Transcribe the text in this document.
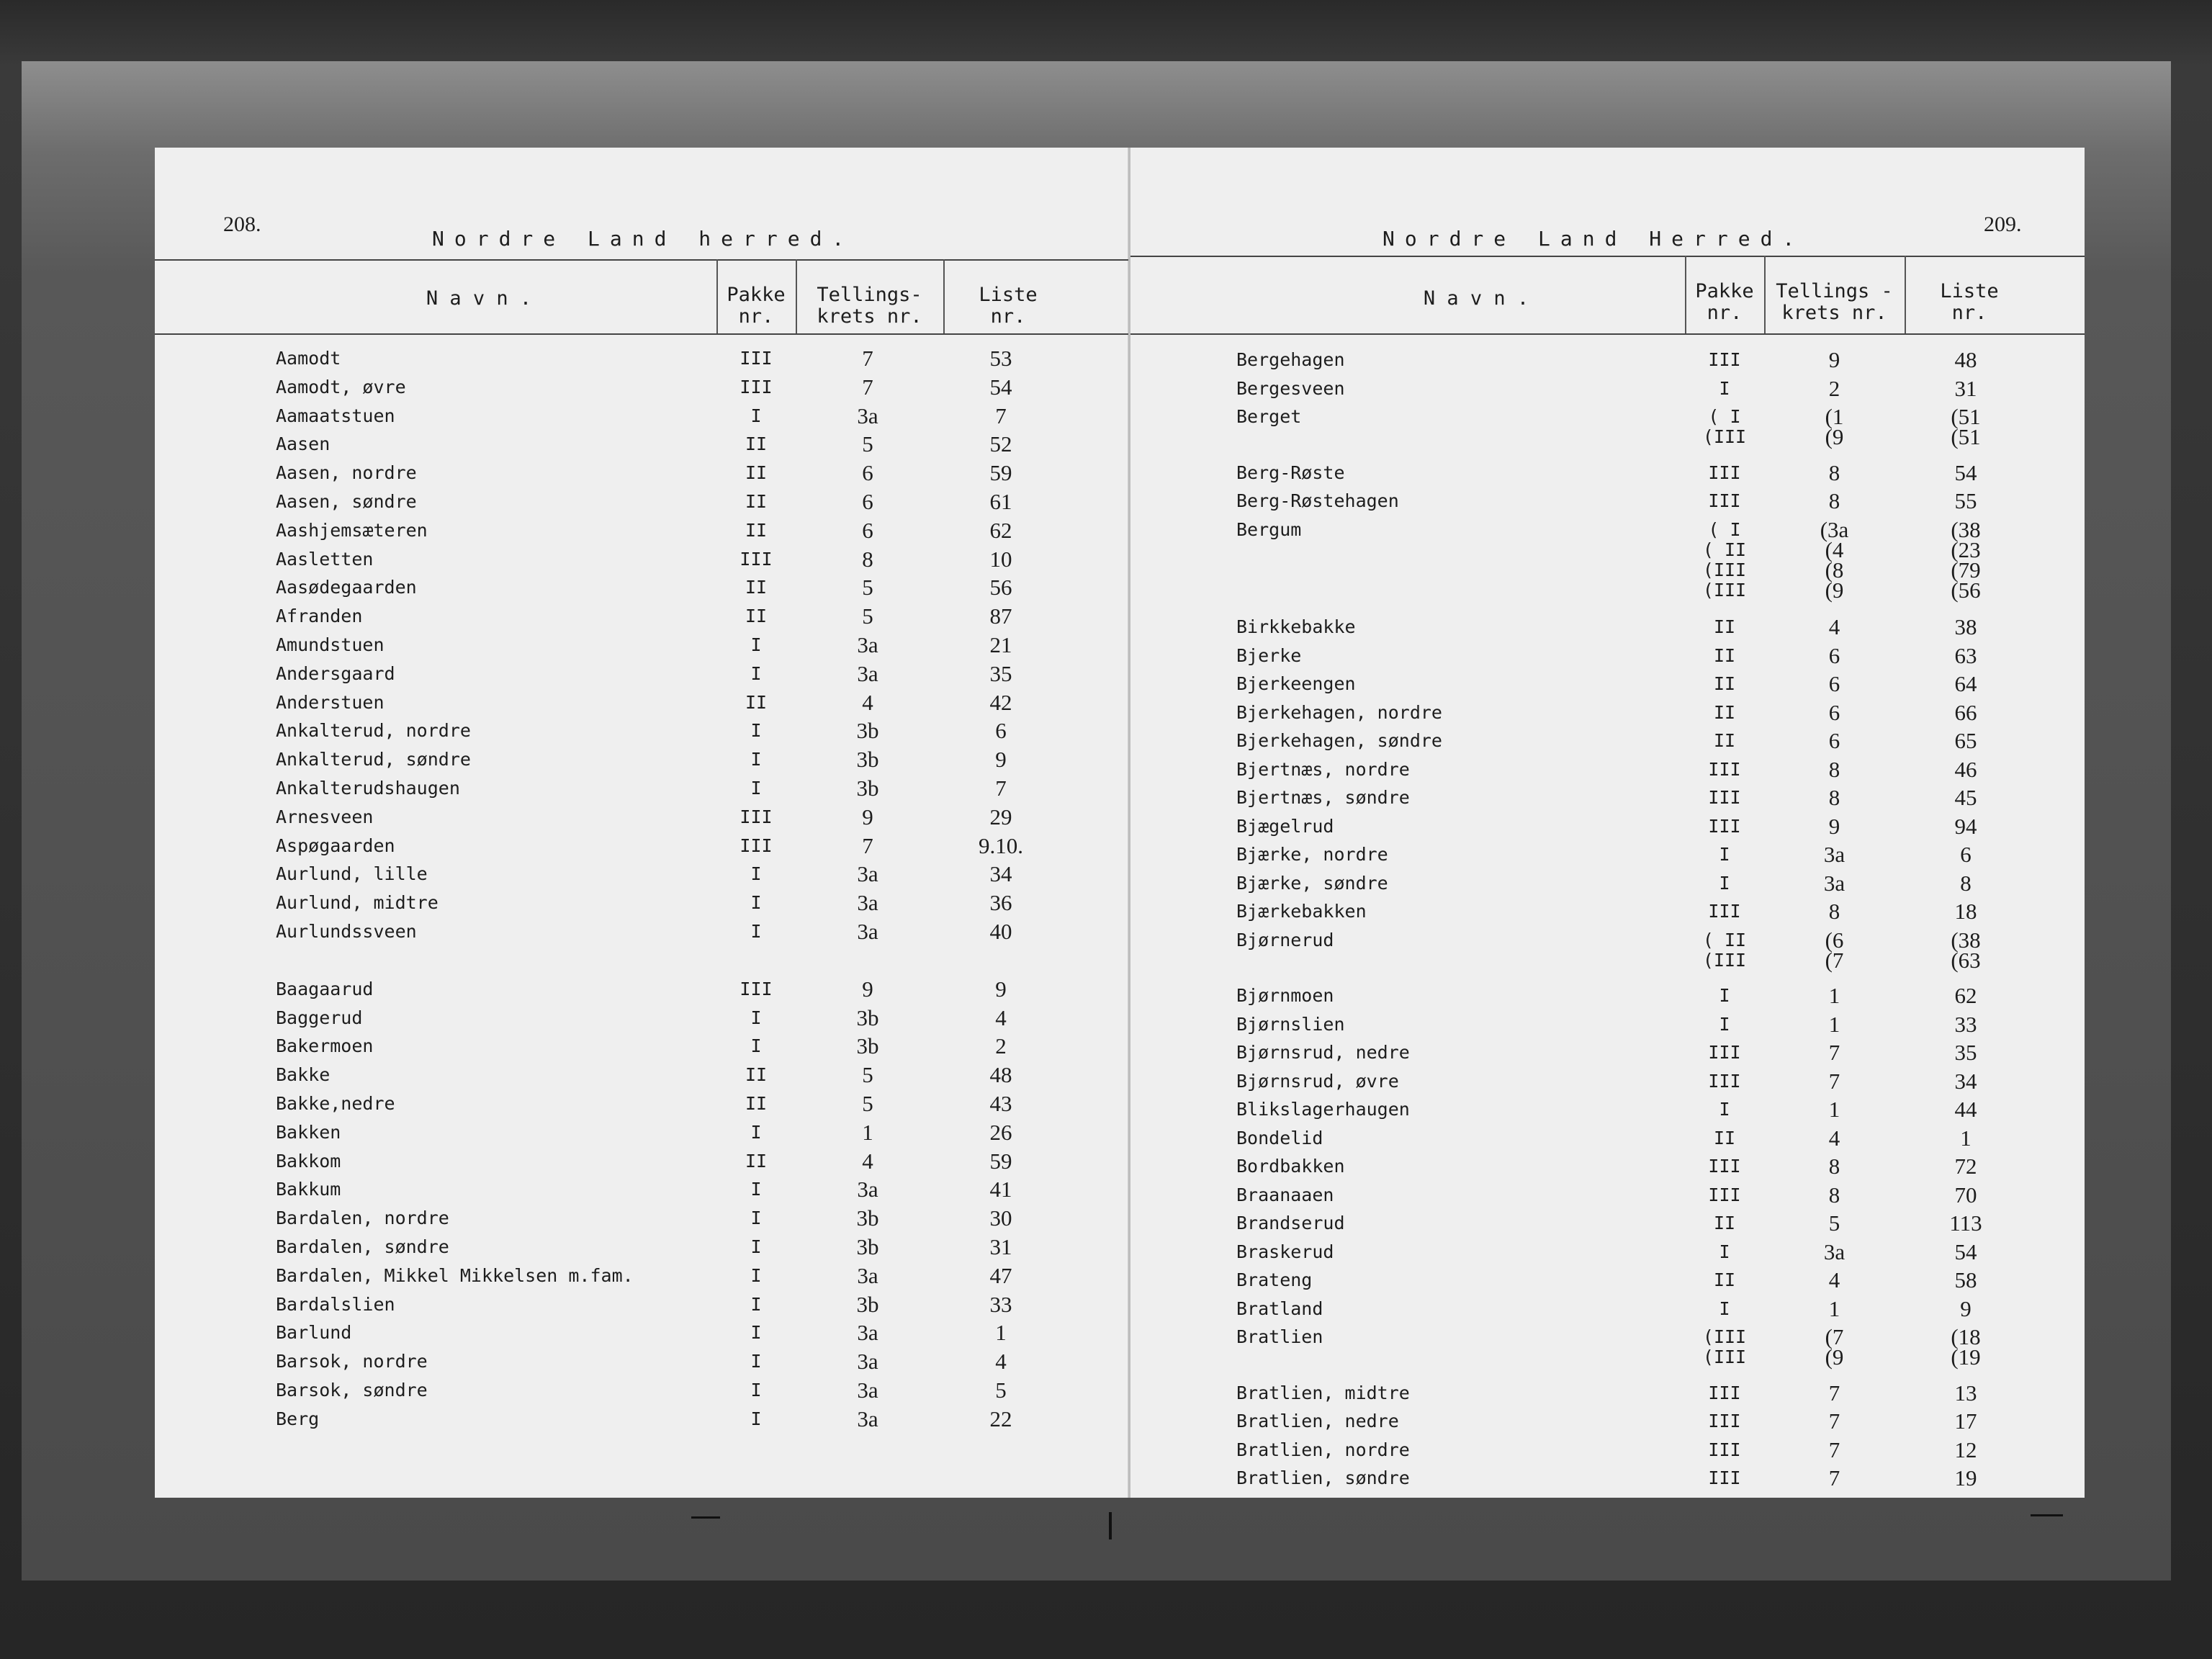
208.
Nordre Land herred.
N a v n .	Pakke
nr.
Tellings-
krets nr.
Liste
nr.
Aamodt	III	7	53
Aamodt, øvre	III	7	54
Aamaatstuen	I	3a	7
Aasen	II	5	52
Aasen, nordre	II	6	59
Aasen, søndre	II	6	61
Aashjemsæteren	II	6	62
Aasletten	III	8	10
Aasødegaarden	II	5	56
Afranden	II	5	87
Amundstuen	I	3a	21
Andersgaard	I	3a	35
Anderstuen	II	4	42
Ankalterud, nordre	I	3b	6
Ankalterud, søndre	I	3b	9
Ankalterudshaugen	I	3b	7
Arnesveen	III	9	29
Aspøgaarden	III	7	9.10.
Aurlund, lille	I	3a	34
Aurlund, midtre	I	3a	36
Aurlundssveen	I	3a	40
Baagaarud	III	9	9
Baggerud	I	3b	4
Bakermoen	I	3b	2
Bakke	II	5	48
Bakke,nedre	II	5	43
Bakken	I	1	26
Bakkom	II	4	59
Bakkum	I	3a	41
Bardalen, nordre	I	3b	30
Bardalen, søndre	I	3b	31
Bardalen, Mikkel Mikkelsen m.fam.	I	3a	47
Bardalslien	I	3b	33
Barlund	I	3a	1
Barsok, nordre	I	3a	4
Barsok, søndre	I	3a	5
Berg	I	3a	22
Nordre Land Herred.
209.
N a v n .	Pakke
nr.
Tellings -
krets nr.
Liste
nr.
Bergehagen	III	9	48
Bergesveen	I	2	31
Berget	( I	(1	(51
(III	(9	(51
Berg-Røste	III	8	54
Berg-Røstehagen	III	8	55
Bergum	( I	(3a	(38
( II	(4	(23
(III	(8	(79
(III	(9	(56
Birkkebakke	II	4	38
Bjerke	II	6	63
Bjerkeengen	II	6	64
Bjerkehagen, nordre	II	6	66
Bjerkehagen, søndre	II	6	65
Bjertnæs, nordre	III	8	46
Bjertnæs, søndre	III	8	45
Bjægelrud	III	9	94
Bjærke, nordre	I	3a	6
Bjærke, søndre	I	3a	8
Bjærkebakken	III	8	18
Bjørnerud	( II	(6	(38
(III	(7	(63
Bjørnmoen	I	1	62
Bjørnslien	I	1	33
Bjørnsrud, nedre	III	7	35
Bjørnsrud, øvre	III	7	34
Blikslagerhaugen	I	1	44
Bondelid	II	4	1
Bordbakken	III	8	72
Braanaaen	III	8	70
Brandserud	II	5	113
Braskerud	I	3a	54
Brateng	II	4	58
Bratland	I	1	9
Bratlien	(III	(7	(18
(III	(9	(19
Bratlien, midtre	III	7	13
Bratlien, nedre	III	7	17
Bratlien, nordre	III	7	12
Bratlien, søndre	III	7	19
